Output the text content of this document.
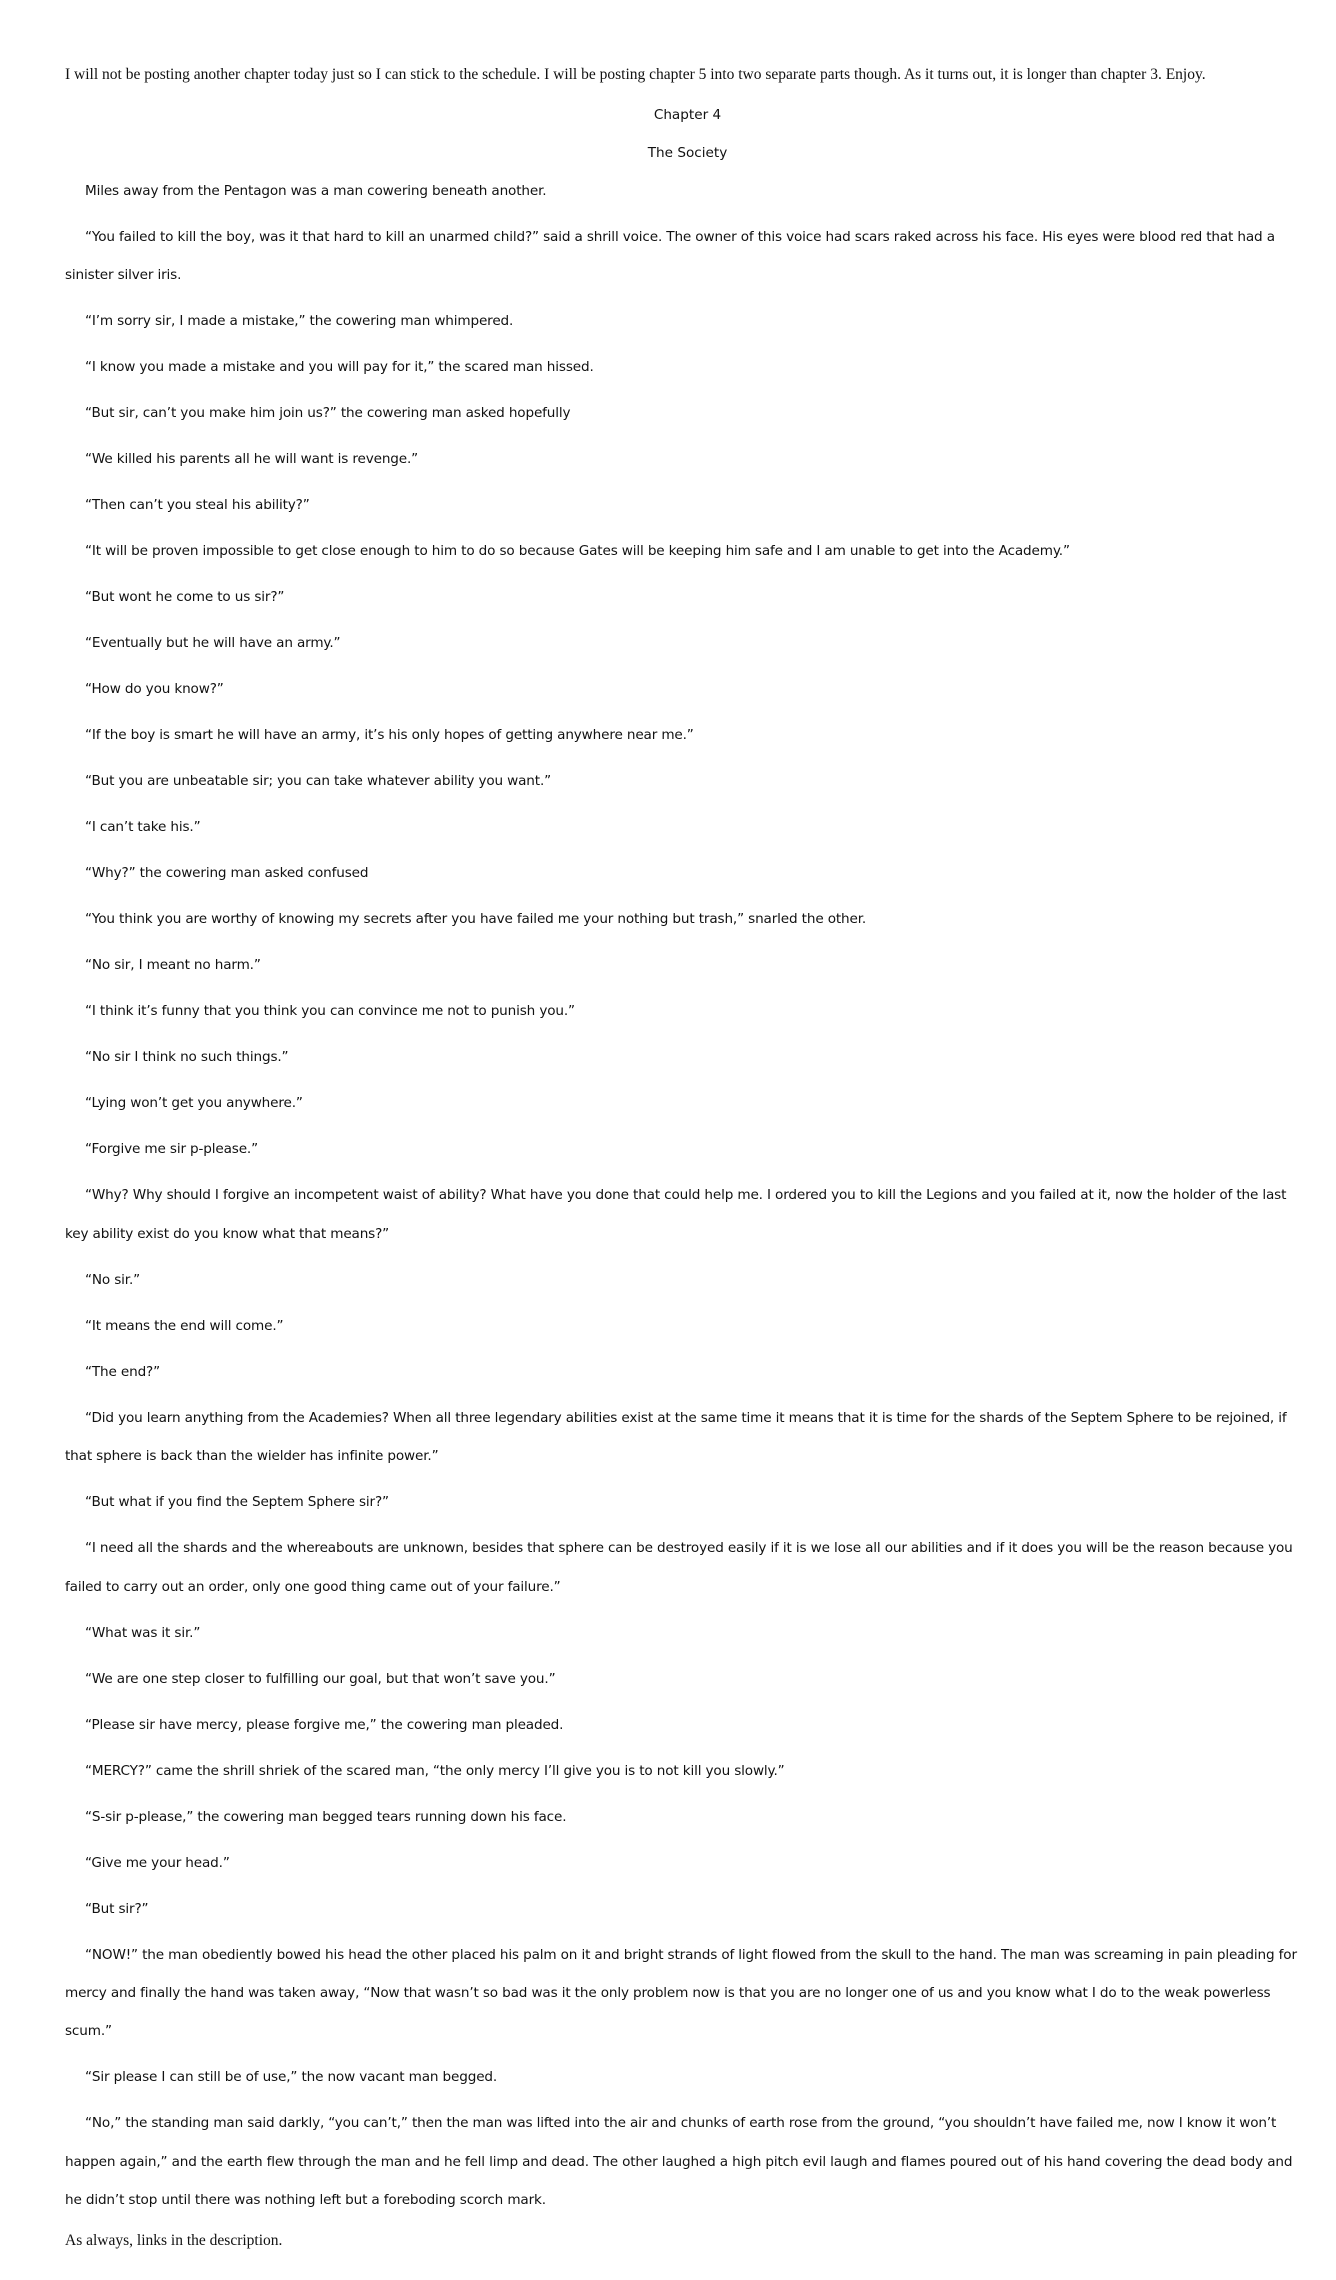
I will not be posting another chapter today just so I can stick to the schedule. I will be posting chapter 5 into two separate parts though. As it turns out, it is longer than chapter 3. Enjoy.

Chapter 4
The Society

Miles away from the Pentagon was a man cowering beneath another.

“You failed to kill the boy, was it that hard to kill an unarmed child?” said a shrill voice. The owner of this voice had scars raked across his face. His eyes were blood red that had a sinister silver iris.

“I’m sorry sir, I made a mistake,” the cowering man whimpered.

“I know you made a mistake and you will pay for it,” the scared man hissed.

“But sir, can’t you make him join us?” the cowering man asked hopefully

“We killed his parents all he will want is revenge.”

“Then can’t you steal his ability?”

“It will be proven impossible to get close enough to him to do so because Gates will be keeping him safe and I am unable to get into the Academy.”

“But wont he come to us sir?”

“Eventually but he will have an army.”

“How do you know?”

“If the boy is smart he will have an army, it’s his only hopes of getting anywhere near me.”

“But you are unbeatable sir; you can take whatever ability you want.”

“I can’t take his.”

“Why?” the cowering man asked confused

“You think you are worthy of knowing my secrets after you have failed me your nothing but trash,” snarled the other.

“No sir, I meant no harm.”

“I think it’s funny that you think you can convince me not to punish you.”

“No sir I think no such things.”

“Lying won’t get you anywhere.”

“Forgive me sir p-please.”

“Why? Why should I forgive an incompetent waist of ability? What have you done that could help me. I ordered you to kill the Legions and you failed at it, now the holder of the last key ability exist do you know what that means?”

“No sir.”

“It means the end will come.”

“The end?”

“Did you learn anything from the Academies? When all three legendary abilities exist at the same time it means that it is time for the shards of the Septem Sphere to be rejoined, if that sphere is back than the wielder has infinite power.”

“But what if you find the Septem Sphere sir?”

“I need all the shards and the whereabouts are unknown, besides that sphere can be destroyed easily if it is we lose all our abilities and if it does you will be the reason because you failed to carry out an order, only one good thing came out of your failure.”

“What was it sir.”

“We are one step closer to fulfilling our goal, but that won’t save you.”

“Please sir have mercy, please forgive me,” the cowering man pleaded.

“MERCY?” came the shrill shriek of the scared man, “the only mercy I’ll give you is to not kill you slowly.”

“S-sir p-please,” the cowering man begged tears running down his face.

“Give me your head.”

“But sir?”

“NOW!” the man obediently bowed his head the other placed his palm on it and bright strands of light flowed from the skull to the hand. The man was screaming in pain pleading for mercy and finally the hand was taken away, “Now that wasn’t so bad was it the only problem now is that you are no longer one of us and you know what I do to the weak powerless scum.”

“Sir please I can still be of use,” the now vacant man begged.

“No,” the standing man said darkly, “you can’t,” then the man was lifted into the air and chunks of earth rose from the ground, “you shouldn’t have failed me, now I know it won’t happen again,” and the earth flew through the man and he fell limp and dead. The other laughed a high pitch evil laugh and flames poured out of his hand covering the dead body and he didn’t stop until there was nothing left but a foreboding scorch mark.

As always, links in the description.
